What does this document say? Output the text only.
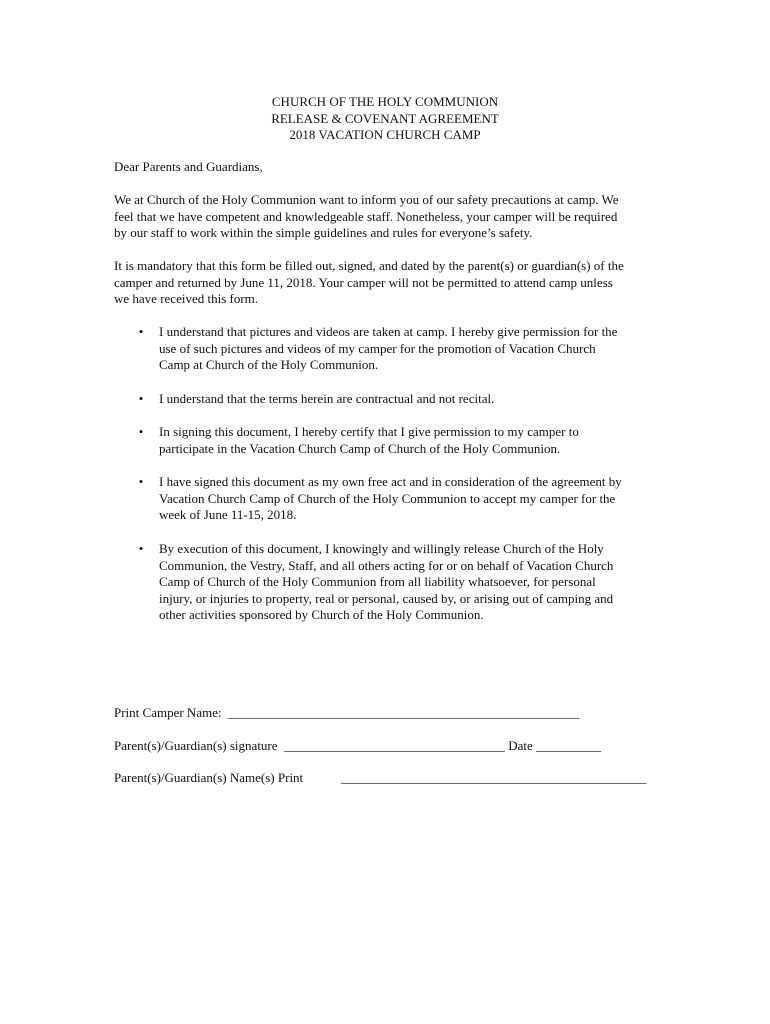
CHURCH OF THE HOLY COMMUNION
RELEASE & COVENANT AGREEMENT
2018 VACATION CHURCH CAMP
Dear Parents and Guardians,
We at Church of the Holy Communion want to inform you of our safety precautions at camp. We
feel that we have competent and knowledgeable staff. Nonetheless, your camper will be required
by our staff to work within the simple guidelines and rules for everyone’s safety.
It is mandatory that this form be filled out, signed, and dated by the parent(s) or guardian(s) of the
camper and returned by June 11, 2018. Your camper will not be permitted to attend camp unless
we have received this form.
• I understand that pictures and videos are taken at camp. I hereby give permission for the
use of such pictures and videos of my camper for the promotion of Vacation Church
Camp at Church of the Holy Communion.
• I understand that the terms herein are contractual and not recital.
• In signing this document, I hereby certify that I give permission to my camper to
participate in the Vacation Church Camp of Church of the Holy Communion.
• I have signed this document as my own free act and in consideration of the agreement by
Vacation Church Camp of Church of the Holy Communion to accept my camper for the
week of June 11-15, 2018.
• By execution of this document, I knowingly and willingly release Church of the Holy
Communion, the Vestry, Staff, and all others acting for or on behalf of Vacation Church
Camp of Church of the Holy Communion from all liability whatsoever, for personal
injury, or injuries to property, real or personal, caused by, or arising out of camping and
other activities sponsored by Church of the Holy Communion.
Print Camper Name:  ______________________________________________________
Parent(s)/Guardian(s) signature  __________________________________ Date __________
Parent(s)/Guardian(s) Name(s) Print	_______________________________________________
